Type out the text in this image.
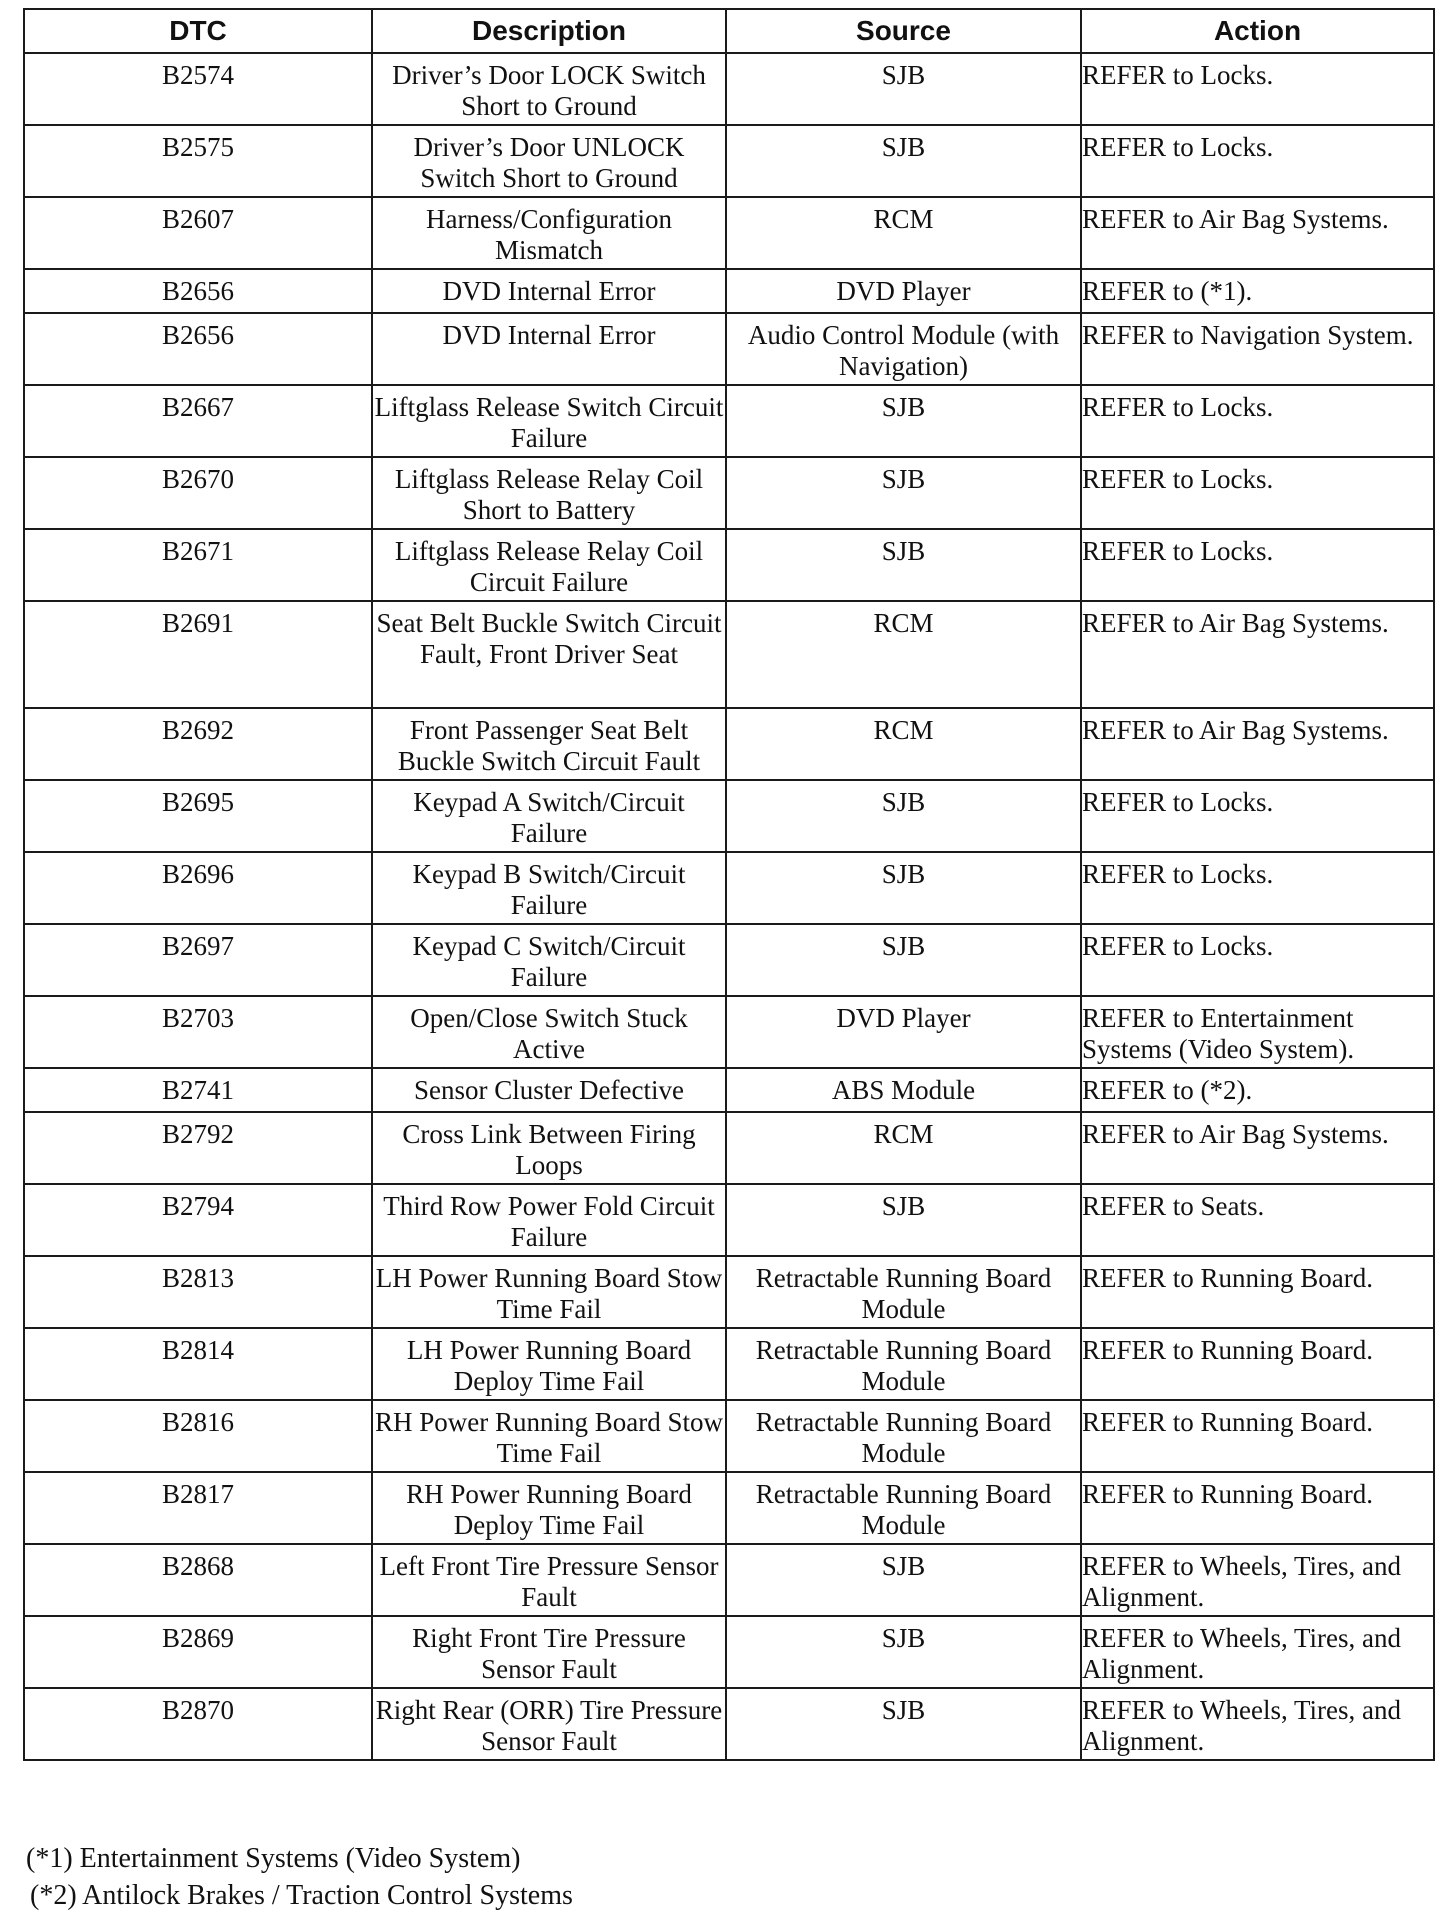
DTC	Description	Source	Action
B2574	Driver’s Door LOCK Switch Short to Ground	SJB	REFER to Locks.
B2575	Driver’s Door UNLOCK Switch Short to Ground	SJB	REFER to Locks.
B2607	Harness/Configuration Mismatch	RCM	REFER to Air Bag Systems.
B2656	DVD Internal Error	DVD Player	REFER to (*1).
B2656	DVD Internal Error	Audio Control Module (with Navigation)	REFER to Navigation System.
B2667	Liftglass Release Switch Circuit Failure	SJB	REFER to Locks.
B2670	Liftglass Release Relay Coil Short to Battery	SJB	REFER to Locks.
B2671	Liftglass Release Relay Coil Circuit Failure	SJB	REFER to Locks.
B2691	Seat Belt Buckle Switch Circuit Fault, Front Driver Seat	RCM	REFER to Air Bag Systems.
B2692	Front Passenger Seat Belt Buckle Switch Circuit Fault	RCM	REFER to Air Bag Systems.
B2695	Keypad A Switch/Circuit Failure	SJB	REFER to Locks.
B2696	Keypad B Switch/Circuit Failure	SJB	REFER to Locks.
B2697	Keypad C Switch/Circuit Failure	SJB	REFER to Locks.
B2703	Open/Close Switch Stuck Active	DVD Player	REFER to Entertainment Systems (Video System).
B2741	Sensor Cluster Defective	ABS Module	REFER to (*2).
B2792	Cross Link Between Firing Loops	RCM	REFER to Air Bag Systems.
B2794	Third Row Power Fold Circuit Failure	SJB	REFER to Seats.
B2813	LH Power Running Board Stow Time Fail	Retractable Running Board Module	REFER to Running Board.
B2814	LH Power Running Board Deploy Time Fail	Retractable Running Board Module	REFER to Running Board.
B2816	RH Power Running Board Stow Time Fail	Retractable Running Board Module	REFER to Running Board.
B2817	RH Power Running Board Deploy Time Fail	Retractable Running Board Module	REFER to Running Board.
B2868	Left Front Tire Pressure Sensor Fault	SJB	REFER to Wheels, Tires, and Alignment.
B2869	Right Front Tire Pressure Sensor Fault	SJB	REFER to Wheels, Tires, and Alignment.
B2870	Right Rear (ORR) Tire Pressure Sensor Fault	SJB	REFER to Wheels, Tires, and Alignment.
(*1) Entertainment Systems (Video System)
(*2) Antilock Brakes / Traction Control Systems
